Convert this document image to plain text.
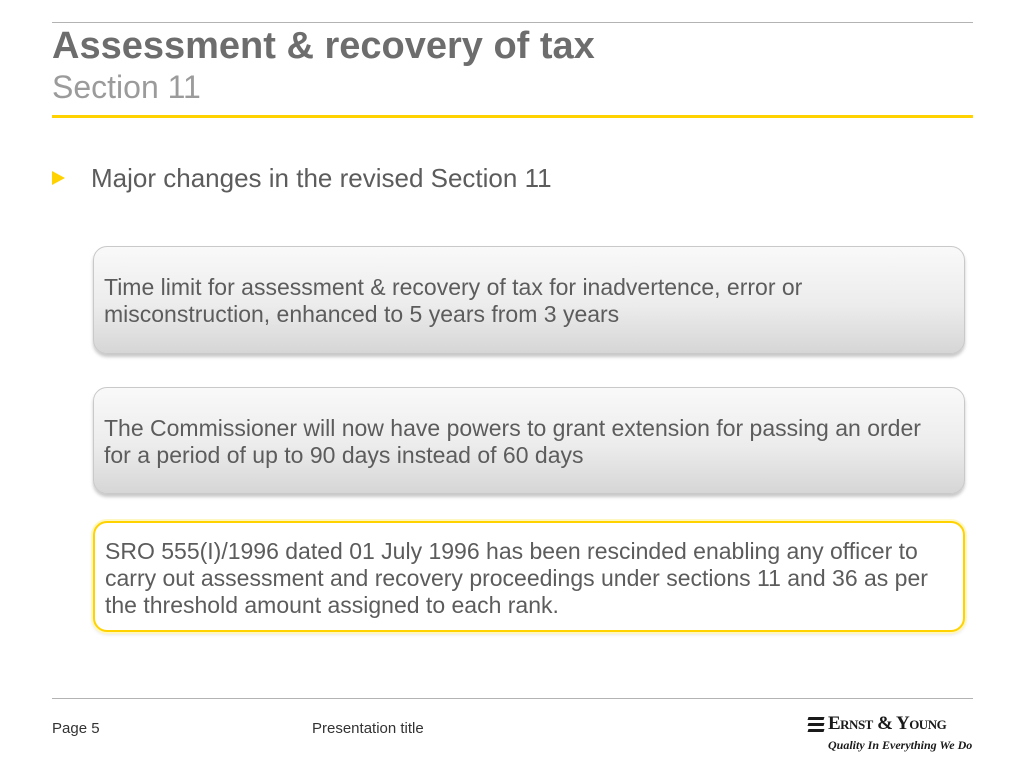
Assessment & recovery of tax
Section 11
Major changes in the revised Section 11
Time limit for assessment & recovery of tax for inadvertence, error or misconstruction, enhanced to 5 years from 3 years
The Commissioner will now have powers to grant extension for passing an order for a period of up to 90 days instead of 60 days
SRO 555(I)/1996 dated 01 July 1996 has been rescinded enabling any officer to carry out assessment and recovery proceedings under sections 11 and 36 as per the threshold amount assigned to each rank.
Page 5	Presentation title	Ernst & Young
Quality In Everything We Do
